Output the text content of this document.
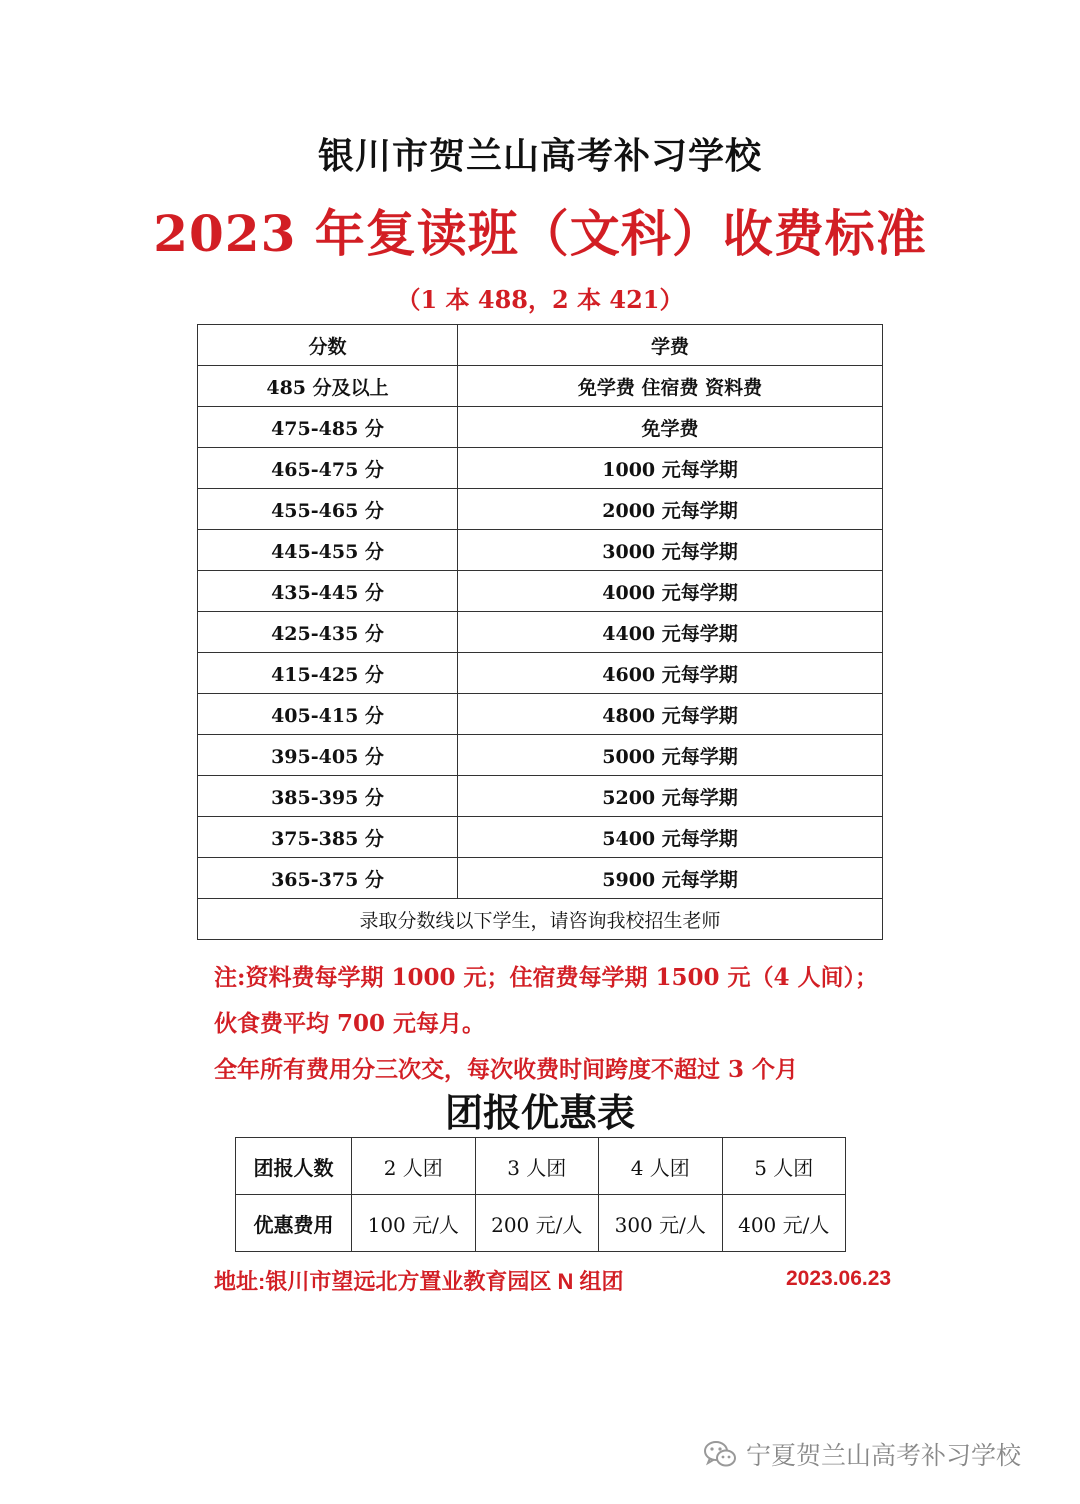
银川市贺兰山高考补习学校
2023 年复读班（文科）收费标准
（1 本 488，2 本 421）
分数	学费
485 分及以上	免学费 住宿费 资料费
475-485 分	免学费
465-475 分	1000 元每学期
455-465 分	2000 元每学期
445-455 分	3000 元每学期
435-445 分	4000 元每学期
425-435 分	4400 元每学期
415-425 分	4600 元每学期
405-415 分	4800 元每学期
395-405 分	5000 元每学期
385-395 分	5200 元每学期
375-385 分	5400 元每学期
365-375 分	5900 元每学期
录取分数线以下学生，请咨询我校招生老师	
注:资料费每学期 1000 元；住宿费每学期 1500 元（4 人间）；
伙食费平均 700 元每月。
全年所有费用分三次交，每次收费时间跨度不超过 3 个月
团报优惠表
团报人数	2 人团	3 人团	4 人团	5 人团
优惠费用	100 元/人	200 元/人	300 元/人	400 元/人
地址:银川市望远北方置业教育园区 N 组团	2023.06.23
宁夏贺兰山高考补习学校
